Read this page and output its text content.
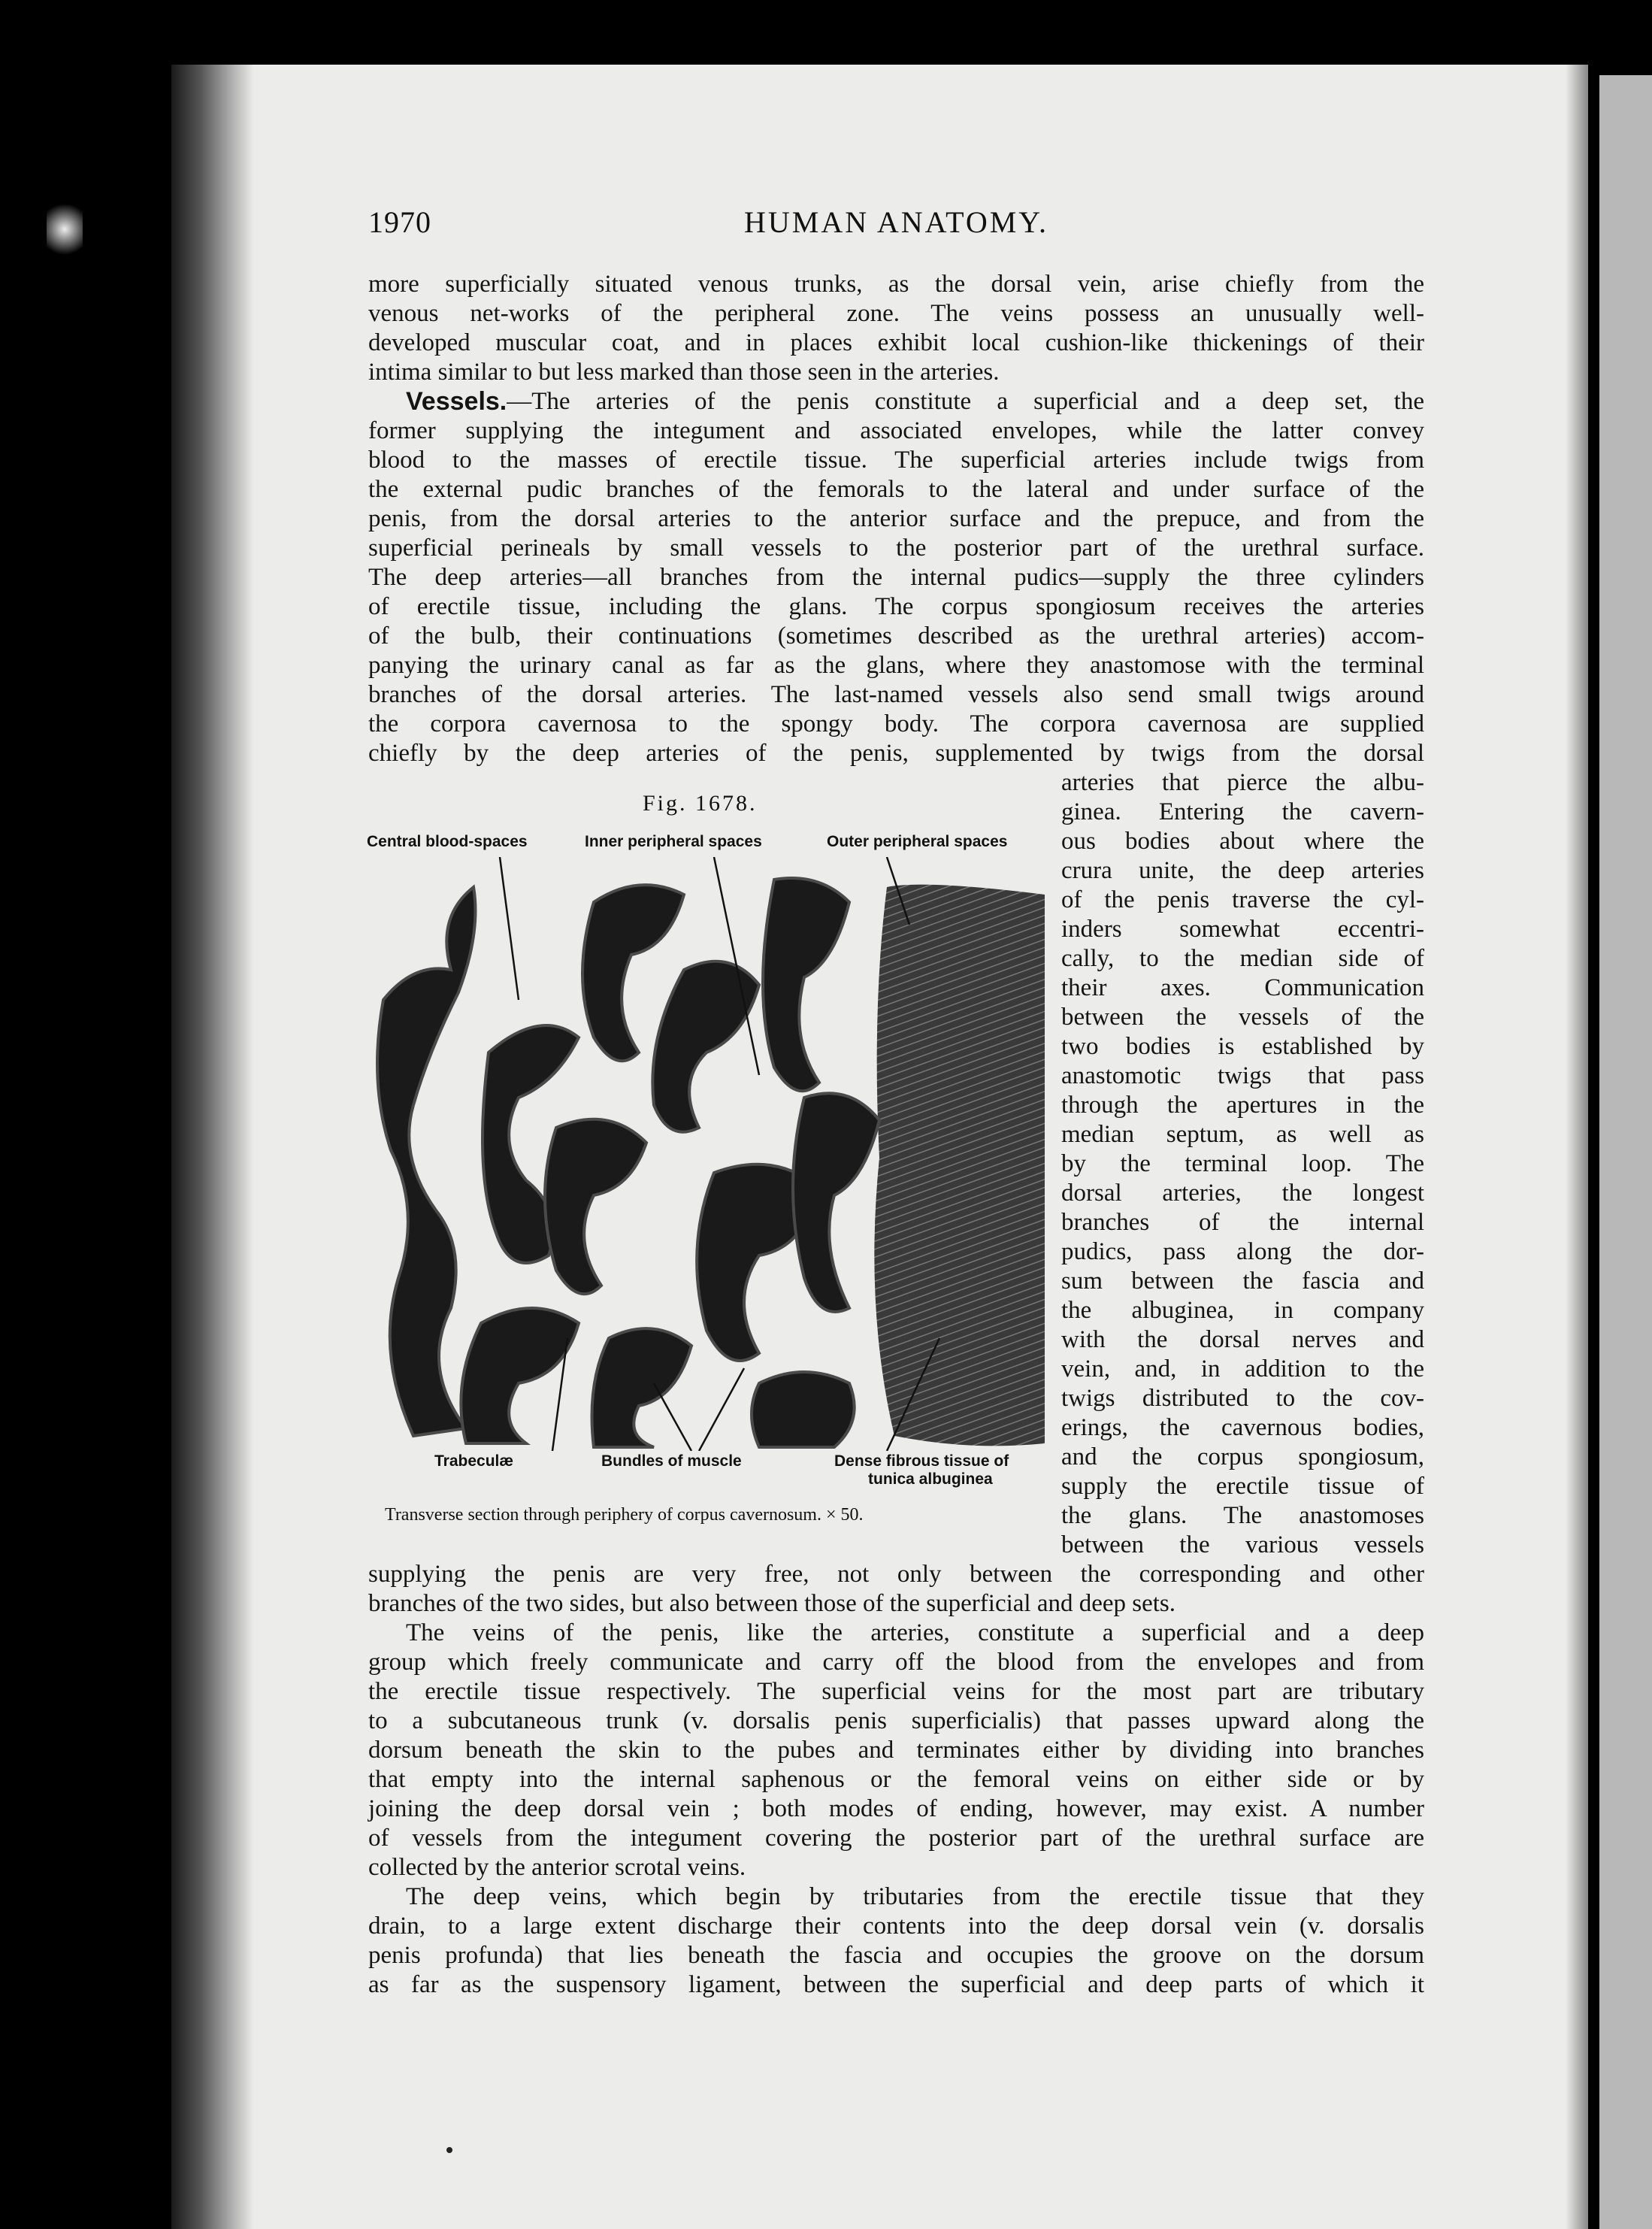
1970	HUMAN ANATOMY.
more superficially situated venous trunks, as the dorsal vein, arise chiefly from the
venous net-works of the peripheral zone. The veins possess an unusually well-
developed muscular coat, and in places exhibit local cushion-like thickenings of their
intima similar to but less marked than those seen in the arteries.
Vessels. —The arteries of the penis constitute a superficial and a deep set, the
former supplying the integument and associated envelopes, while the latter convey
blood to the masses of erectile tissue. The superficial arteries include twigs from
the external pudic branches of the femorals to the lateral and under surface of the
penis, from the dorsal arteries to the anterior surface and the prepuce, and from the
superficial perineals by small vessels to the posterior part of the urethral surface.
The deep arteries—all branches from the internal pudics—supply the three cylinders
of erectile tissue, including the glans. The corpus spongiosum receives the arteries
of the bulb, their continuations (sometimes described as the urethral arteries) accom-
panying the urinary canal as far as the glans, where they anastomose with the terminal
branches of the dorsal arteries. The last-named vessels also send small twigs around
the corpora cavernosa to the spongy body. The corpora cavernosa are supplied
chiefly by the deep arteries of the penis, supplemented by twigs from the dorsal
arteries that pierce the albu-
ginea. Entering the cavern-
ous bodies about where the
crura unite, the deep arteries
of the penis traverse the cyl-
inders somewhat eccentri-
cally, to the median side of
their axes. Communication
between the vessels of the
two bodies is established by
anastomotic twigs that pass
through the apertures in the
median septum, as well as
by the terminal loop. The
dorsal arteries, the longest
branches of the internal
pudics, pass along the dor-
sum between the fascia and
the albuginea, in company
with the dorsal nerves and
vein, and, in addition to the
twigs distributed to the cov-
erings, the cavernous bodies,
and the corpus spongiosum,
supply the erectile tissue of
the glans. The anastomoses
between the various vessels
Fig. 1678.
Central blood-spaces	Inner peripheral spaces	Outer peripheral spaces
Trabeculæ	Bundles of muscle	Dense fibrous tissue of
tunica albuginea
Transverse section through periphery of corpus cavernosum. × 50.
supplying the penis are very free, not only between the corresponding and other
branches of the two sides, but also between those of the superficial and deep sets.
The veins of the penis, like the arteries, constitute a superficial and a deep
group which freely communicate and carry off the blood from the envelopes and from
the erectile tissue respectively. The superficial veins for the most part are tributary
to a subcutaneous trunk (v. dorsalis penis superficialis) that passes upward along the
dorsum beneath the skin to the pubes and terminates either by dividing into branches
that empty into the internal saphenous or the femoral veins on either side or by
joining the deep dorsal vein ; both modes of ending, however, may exist. A number
of vessels from the integument covering the posterior part of the urethral surface are
collected by the anterior scrotal veins.
The deep veins, which begin by tributaries from the erectile tissue that they
drain, to a large extent discharge their contents into the deep dorsal vein (v. dorsalis
penis profunda) that lies beneath the fascia and occupies the groove on the dorsum
as far as the suspensory ligament, between the superficial and deep parts of which it
